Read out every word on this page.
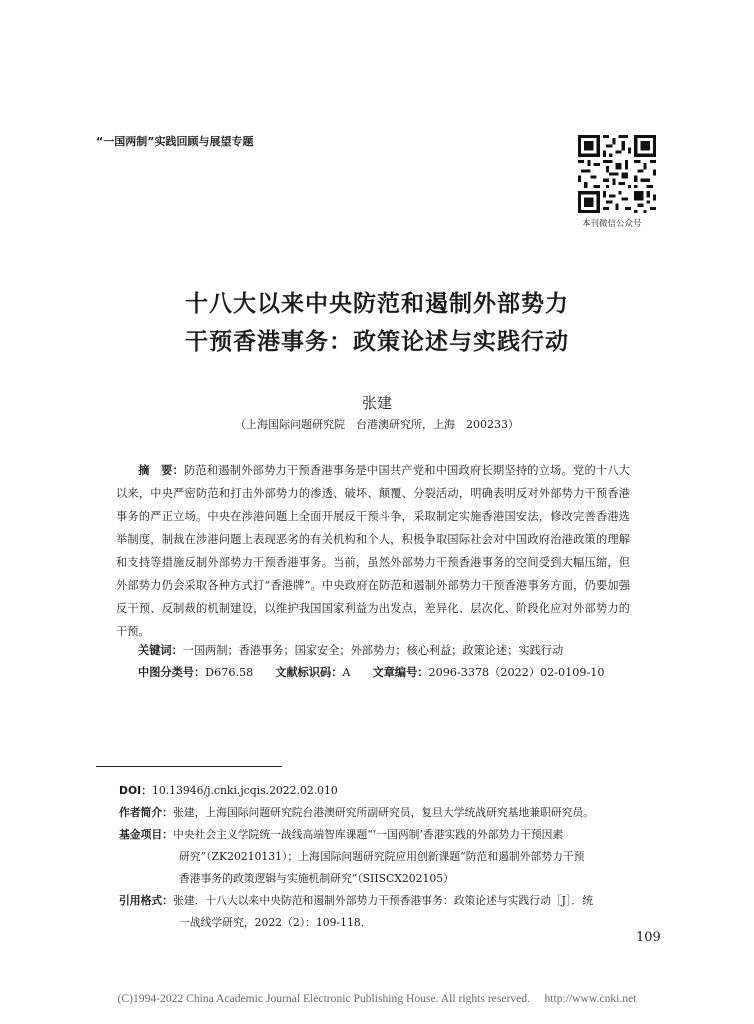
“一国两制”实践回顾与展望专题
本刊微信公众号
十八大以来中央防范和遏制外部势力
干预香港事务：政策论述与实践行动
张建
（上海国际问题研究院　台港澳研究所，上海　200233）
摘　要：防范和遏制外部势力干预香港事务是中国共产党和中国政府长期坚持的立场。党的十八大以来，中央严密防范和打击外部势力的渗透、破坏、颠覆、分裂活动，明确表明反对外部势力干预香港事务的严正立场。中央在涉港问题上全面开展反干预斗争，采取制定实施香港国安法，修改完善香港选举制度，制裁在涉港问题上表现恶劣的有关机构和个人，积极争取国际社会对中国政府治港政策的理解和支持等措施反制外部势力干预香港事务。当前，虽然外部势力干预香港事务的空间受到大幅压缩，但外部势力仍会采取各种方式打“香港牌”。中央政府在防范和遏制外部势力干预香港事务方面，仍要加强反干预、反制裁的机制建设，以维护我国国家利益为出发点，差异化、层次化、阶段化应对外部势力的干预。
关键词：一国两制；香港事务；国家安全；外部势力；核心利益；政策论述；实践行动
中图分类号：D676.58 文献标识码：A 文章编号：2096-3378（2022）02-0109-10
DOI：10.13946/j.cnki.jcqis.2022.02.010
作者简介：张建，上海国际问题研究院台港澳研究所副研究员，复旦大学统战研究基地兼职研究员。
基金项目：中央社会主义学院统一战线高端智库课题“‘一国两制’香港实践的外部势力干预因素
研究”（ZK20210131）；上海国际问题研究院应用创新课题“防范和遏制外部势力干预
香港事务的政策逻辑与实施机制研究”（SIISCX202105）
引用格式：张建．十八大以来中央防范和遏制外部势力干预香港事务：政策论述与实践行动［J］．统
一战线学研究，2022（2）：109-118．
109
(C)1994-2022 China Academic Journal Electronic Publishing House. All rights reserved.　 http://www.cnki.net
